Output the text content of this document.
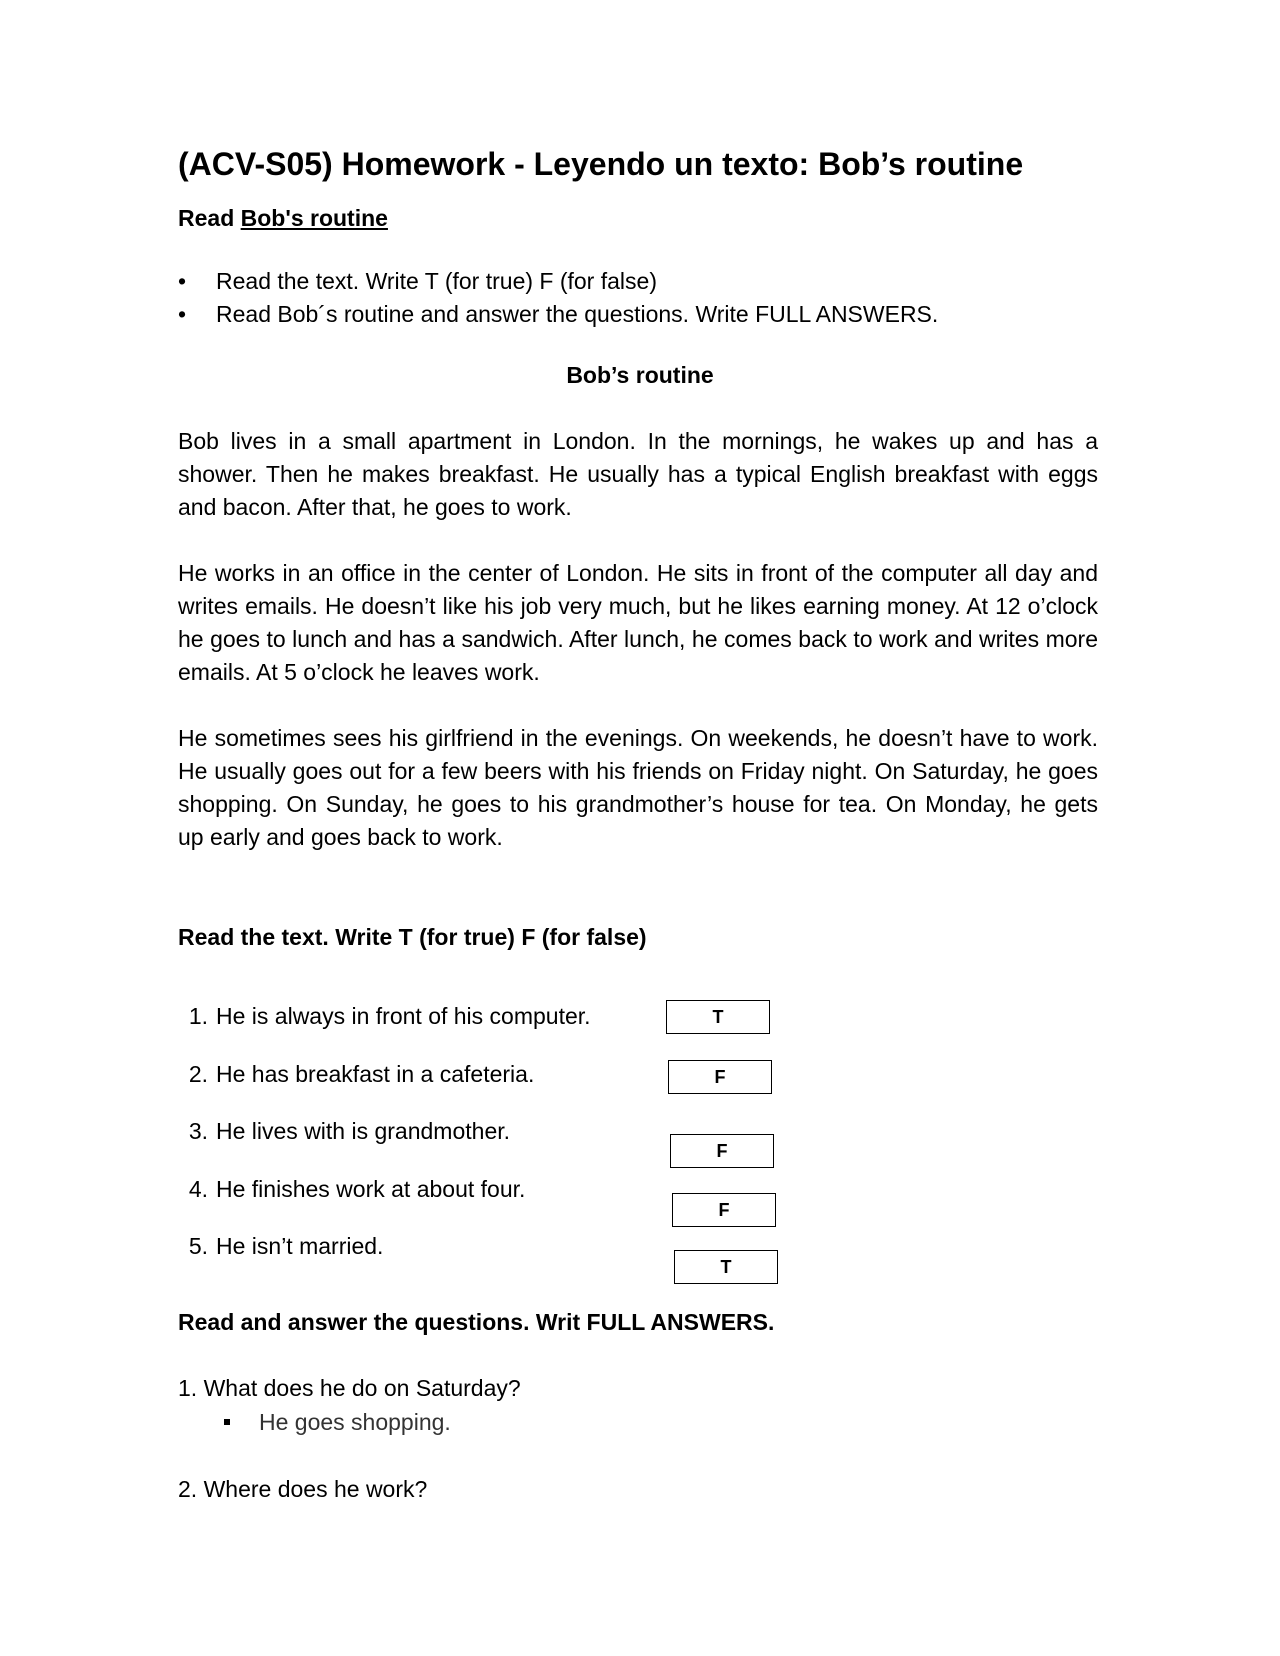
(ACV-S05) Homework - Leyendo un texto: Bob’s routine
Read Bob's routine
• Read the text. Write T (for true) F (for false)
• Read Bob´s routine and answer the questions. Write FULL ANSWERS.
Bob’s routine
Bob lives in a small apartment in London. In the mornings, he wakes up and has a shower. Then he makes breakfast. He usually has a typical English breakfast with eggs and bacon. After that, he goes to work.
He works in an office in the center of London. He sits in front of the computer all day and writes emails. He doesn’t like his job very much, but he likes earning money. At 12 o’clock he goes to lunch and has a sandwich. After lunch, he comes back to work and writes more emails. At 5 o’clock he leaves work.
He sometimes sees his girlfriend in the evenings. On weekends, he doesn’t have to work. He usually goes out for a few beers with his friends on Friday night. On Saturday, he goes shopping. On Sunday, he goes to his grandmother’s house for tea. On Monday, he gets up early and goes back to work.
Read the text. Write T (for true) F (for false)
1. He is always in front of his computer.	T
2. He has breakfast in a cafeteria.	F
3. He lives with is grandmother.
F
4. He finishes work at about four.
F
5. He isn’t married.
T
Read and answer the questions. Writ FULL ANSWERS.
1. What does he do on Saturday?
He goes shopping.
2. Where does he work?
